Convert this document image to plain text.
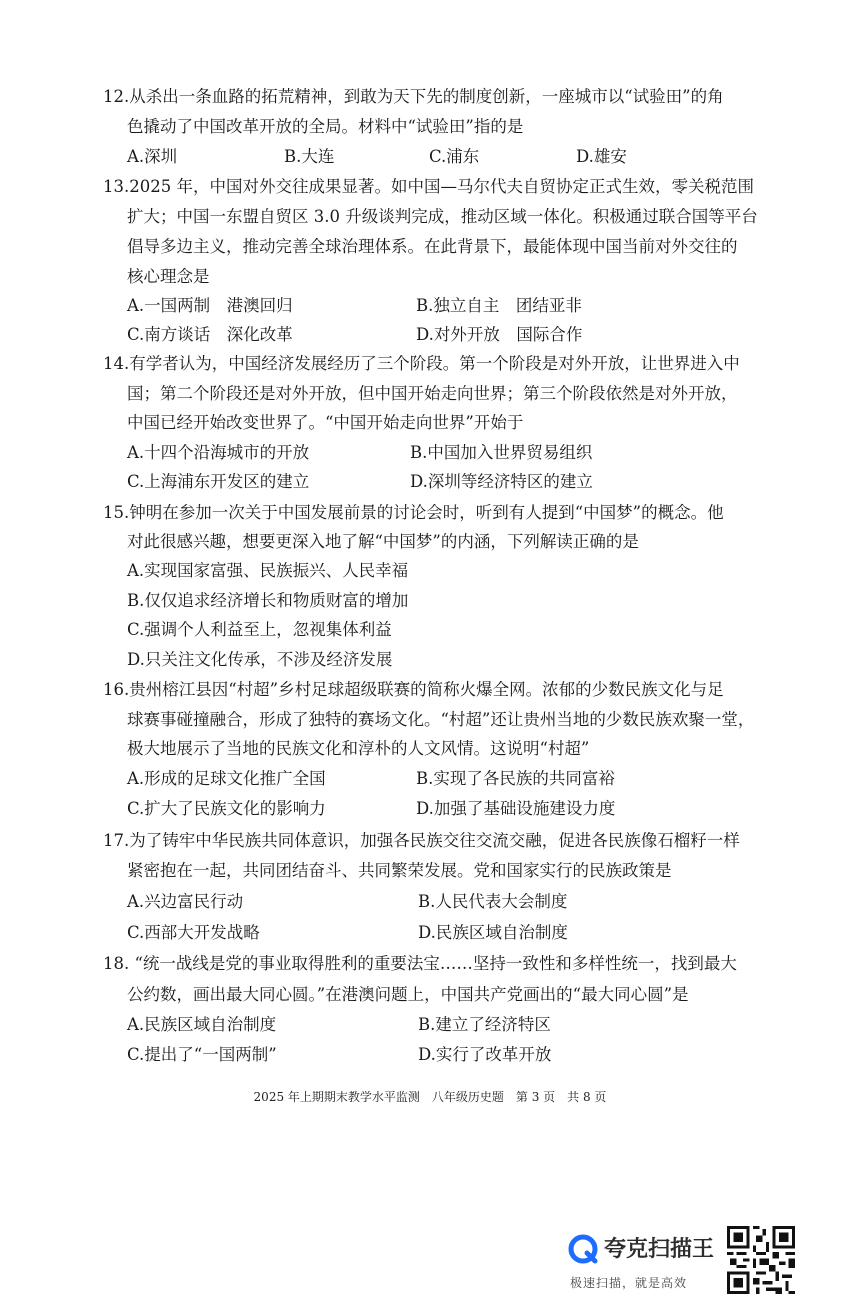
12.从杀出一条血路的拓荒精神，到敢为天下先的制度创新，一座城市以“试验田”的角
色撬动了中国改革开放的全局。材料中“试验田”指的是
A.深圳	B.大连	C.浦东	D.雄安
13.2025 年，中国对外交往成果显著。如中国—马尔代夫自贸协定正式生效，零关税范围
扩大；中国一东盟自贸区 3.0 升级谈判完成，推动区域一体化。积极通过联合国等平台
倡导多边主义，推动完善全球治理体系。在此背景下，最能体现中国当前对外交往的
核心理念是
A.一国两制　港澳回归	B.独立自主　团结亚非
C.南方谈话　深化改革	D.对外开放　国际合作
14.有学者认为，中国经济发展经历了三个阶段。第一个阶段是对外开放，让世界进入中
国；第二个阶段还是对外开放，但中国开始走向世界；第三个阶段依然是对外开放，
中国已经开始改变世界了。“中国开始走向世界”开始于
A.十四个沿海城市的开放	B.中国加入世界贸易组织
C.上海浦东开发区的建立	D.深圳等经济特区的建立
15.钟明在参加一次关于中国发展前景的讨论会时，听到有人提到“中国梦”的概念。他
对此很感兴趣，想要更深入地了解“中国梦”的内涵，下列解读正确的是
A.实现国家富强、民族振兴、人民幸福
B.仅仅追求经济增长和物质财富的增加
C.强调个人利益至上，忽视集体利益
D.只关注文化传承，不涉及经济发展
16.贵州榕江县因“村超”乡村足球超级联赛的简称火爆全网。浓郁的少数民族文化与足
球赛事碰撞融合，形成了独特的赛场文化。“村超”还让贵州当地的少数民族欢聚一堂，
极大地展示了当地的民族文化和淳朴的人文风情。这说明“村超”
A.形成的足球文化推广全国	B.实现了各民族的共同富裕
C.扩大了民族文化的影响力	D.加强了基础设施建设力度
17.为了铸牢中华民族共同体意识，加强各民族交往交流交融，促进各民族像石榴籽一样
紧密抱在一起，共同团结奋斗、共同繁荣发展。党和国家实行的民族政策是
A.兴边富民行动	B.人民代表大会制度
C.西部大开发战略	D.民族区域自治制度
18. “统一战线是党的事业取得胜利的重要法宝……坚持一致性和多样性统一，找到最大
公约数，画出最大同心圆。”在港澳问题上，中国共产党画出的“最大同心圆”是
A.民族区域自治制度	B.建立了经济特区
C.提出了“一国两制”	D.实行了改革开放
2025 年上期期末教学水平监测　八年级历史题　第 3 页　共 8 页
夸克扫描王
极速扫描，就是高效
